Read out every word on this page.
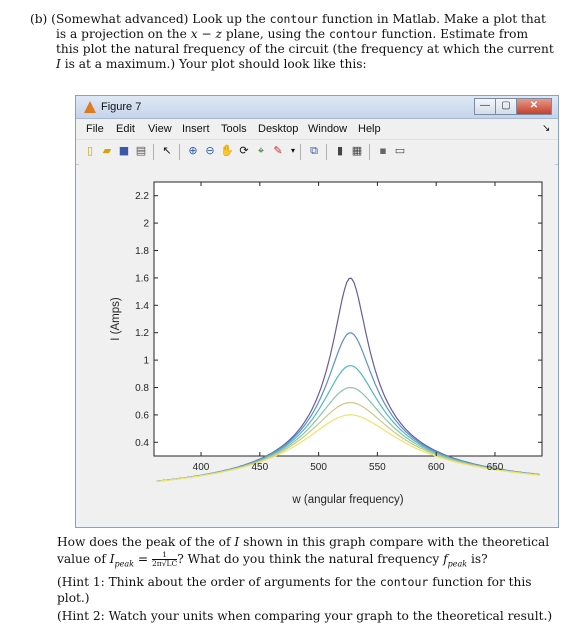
(b) (Somewhat advanced) Look up the contour function in Matlab. Make a plot that
is a projection on the x − z plane, using the contour function. Estimate from
this plot the natural frequency of the circuit (the frequency at which the current
I is at a maximum.) Your plot should look like this:
Figure 7	—	▢	✕
File Edit View Insert Tools Desktop Window Help	↘
▯ ▰ ■ ▤ ↖ ⊕ ⊖ ✋ ⟳ ⌖ ✎	▾	⧉	▮ ▦ ▪ ▭
400	450	500	550	600	650
0.4
0.6
0.8
1
1.2
1.4
1.6
1.8
2
2.2
w (angular frequency)
I (Amps)
How does the peak of the of I shown in this graph compare with the theoretical
value of $I_{peak} = \frac{1}{2\pi√LC}$ ? What do you think the natural frequency $f_{peak}$ is?
(Hint 1: Think about the order of arguments for the contour function for this
plot.)
(Hint 2: Watch your units when comparing your graph to the theoretical result.)
